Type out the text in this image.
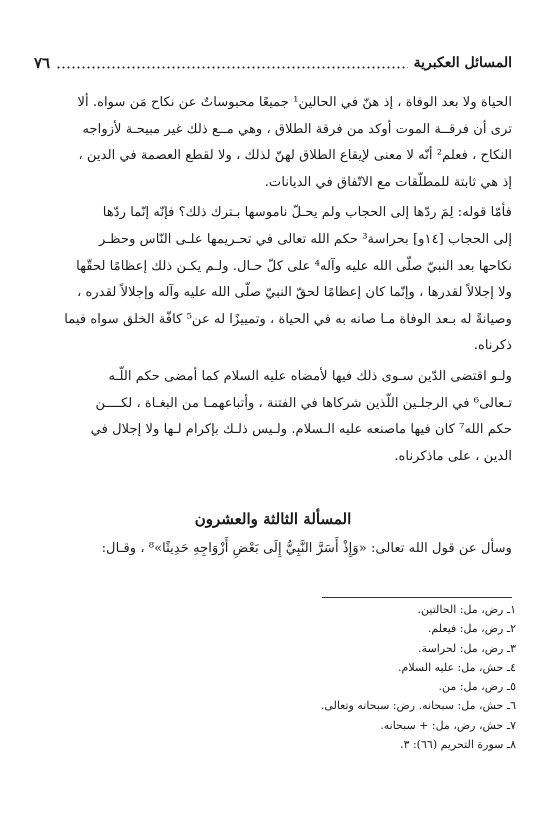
المسائل العكبرية
٧٦
الحياة ولا بعد الوفاة ، إذ هنّ في الحالين¹ جميعًا محبوساتٌ عن نكاح مَن سواه. ألا
ترى أن فرقــة الموت أوكد من فرقة الطلاق ، وهي مــع ذلك غير مبيحـة لأزواجه
النكاح ، فعلم² أنّه لا معنى لإيقاع الطلاق لهنّ لذلك ، ولا لقطع العصمة في الدين ،
إذ هي ثابتة للمطلّقات مع الاتّفاق في الديانات.
فأمّا قوله: لِمَ ردّها إلى الحجاب ولم يحـلّ ناموسها بـترك ذلك؟ فإنّه إنّما ردّها
إلى الحجاب [١٤و] بحراسة³ حكم الله تعالى في تحـريمها علـى النّاس وحظـر
نكاحها بعد النبيّ صلّى الله عليه وآله⁴ على كلّ حـال. ولـم يكـن ذلك إعظامًا لحقّها
ولا إجلالاً لقدرها ، وإنّما كان إعظامًا لحقّ النبيّ صلّى الله عليه وآله وإجلالاً لقدره ،
وصيانةً له بـعد الوفاة مـا صانه به في الحياة ، وتمييزًا له عن⁵ كافّة الخلق سواه فيما
ذكرناه.
ولـو اقتضى الدّين سـوى ذلك فيها لأمضاه عليه السلام كما أمضى حكم اللّـه
تـعالى⁶ في الرجلـين اللّذين شركاها في الفتنة ، وأتباعهمـا من البغـاة ، لكــــن
حكم الله⁷ كان فيها ماصنعه عليه الـسلام. ولـيس ذلـك بإكرام لـها ولا إجلال في
الدين ، على ماذكرناه.
المسألة الثالثة والعشرون
وسأل عن قول الله تعالى: «وَإِذْ أَسَرَّ النَّبِيُّ إِلَى بَعْضِ أَزْوَاجِهِ حَدِيثًا»⁸ ، وقـال:
١ـ رض، مل: الحالتين.
٢ـ رض، مل: فيعلم.
٣ـ رض، مل: لحراسة.
٤ـ حش، مل: عليه السلام.
٥ـ رض، مل: من.
٦ـ حش، مل: سبحانه. رض: سبحانه وتعالى.
٧ـ حش، رض، مل: + سبحانه.
٨ـ سورة التحريم (٦٦): ٣.
